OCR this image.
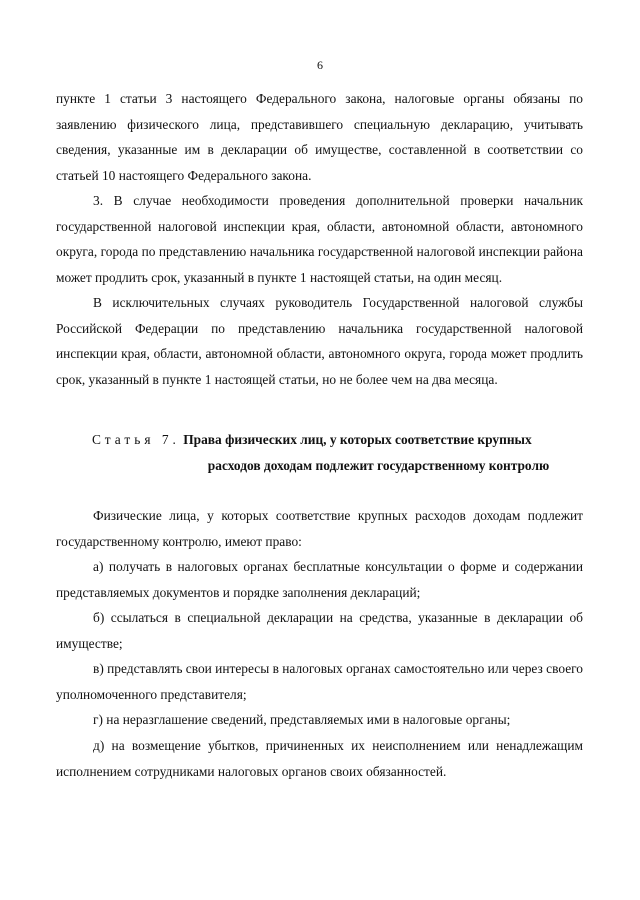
6

пункте 1 статьи 3 настоящего Федерального закона, налоговые органы обязаны по заявлению физического лица, представившего специальную декларацию, учитывать сведения, указанные им в декларации об имуществе, составленной в соответствии со статьей 10 настоящего Федерального закона.

3. В случае необходимости проведения дополнительной проверки начальник государственной налоговой инспекции края, области, автономной области, автономного округа, города по представлению начальника государственной налоговой инспекции района может продлить срок, указанный в пункте 1 настоящей статьи, на один месяц.

В исключительных случаях руководитель Государственной налоговой службы Российской Федерации по представлению начальника государственной налоговой инспекции края, области, автономной области, автономного округа, города может продлить срок, указанный в пункте 1 настоящей статьи, но не более чем на два месяца.

Статья 7. Права физических лиц, у которых соответствие крупных
расходов доходам подлежит государственному контролю

Физические лица, у которых соответствие крупных расходов доходам подлежит государственному контролю, имеют право:

а) получать в налоговых органах бесплатные консультации о форме и содержании представляемых документов и порядке заполнения деклараций;

б) ссылаться в специальной декларации на средства, указанные в декларации об имуществе;

в) представлять свои интересы в налоговых органах самостоятельно или через своего уполномоченного представителя;

г) на неразглашение сведений, представляемых ими в налоговые органы;

д) на возмещение убытков, причиненных их неисполнением или ненадлежащим исполнением сотрудниками налоговых органов своих обязанностей.
